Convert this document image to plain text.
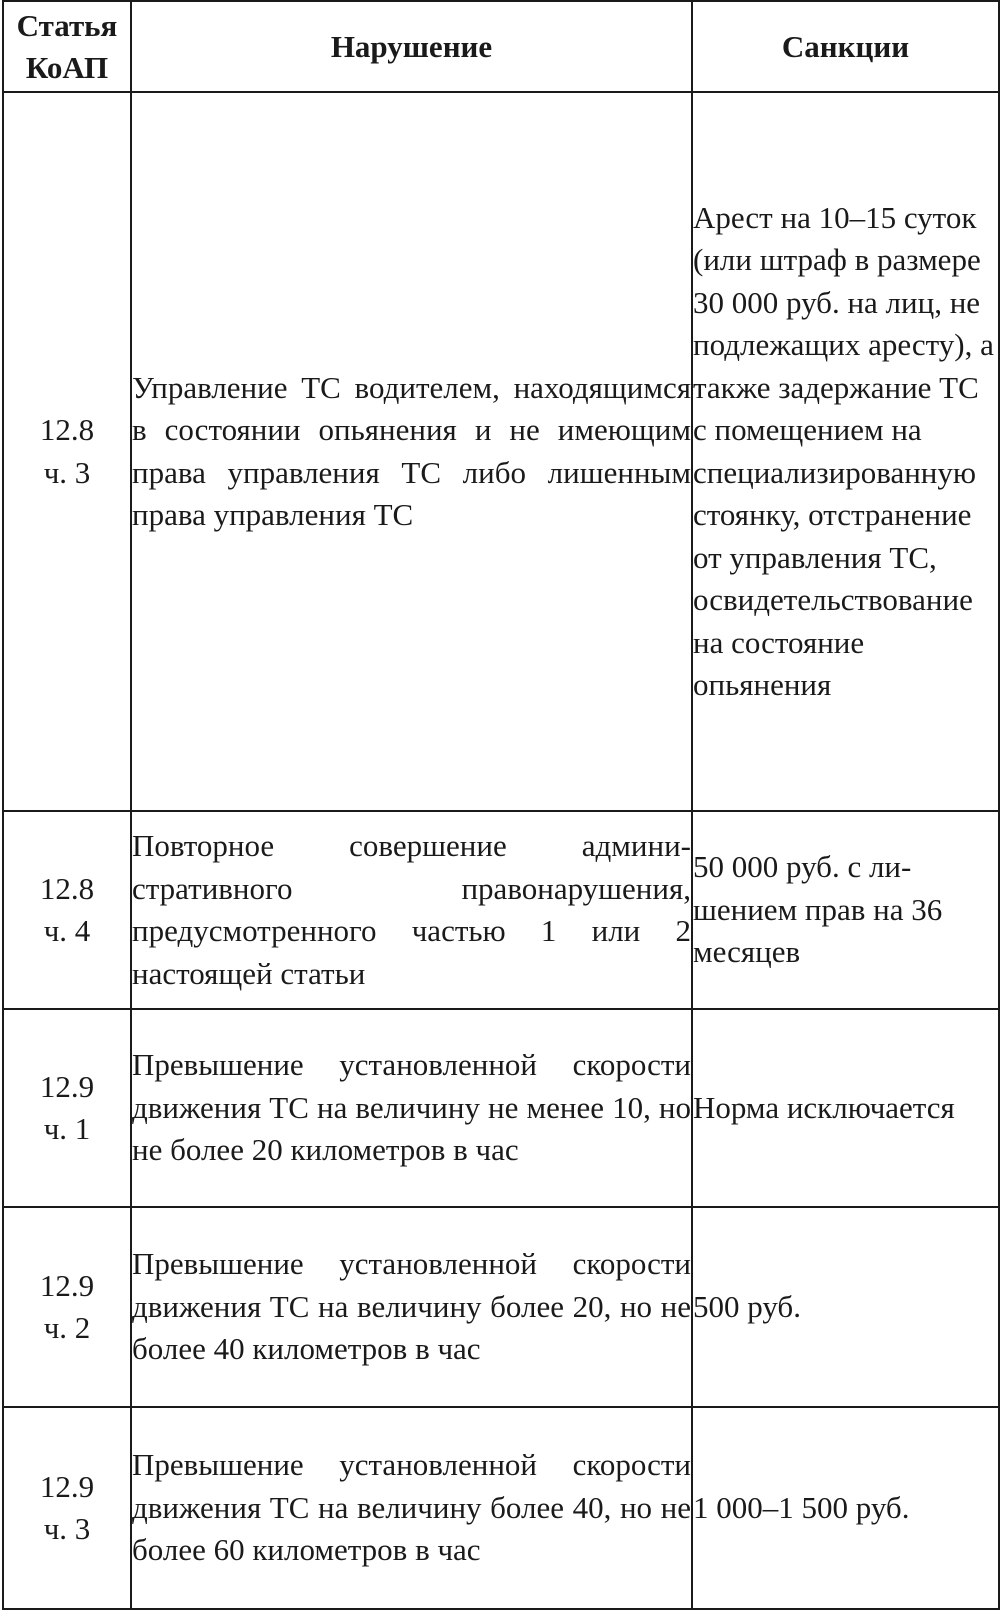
Статья КоАП	Нарушение	Санкции

12.8
ч. 3	Управление ТС водителем, находящимся в состоянии опьянения и не имеющим права управления ТС либо лишенным права управления ТС	Арест на 10–15 суток (или штраф в размере 30 000 руб. на лиц, не подлежащих аресту), а также задержание ТС с помещением на специализированную стоянку, отстранение от управления ТС, освидетельствование на состояние опьянения

12.8
ч. 4	Повторное совершение административного правонарушения, предусмотренного частью 1 или 2 настоящей статьи	50 000 руб. с лишением прав на 36 месяцев

12.9
ч. 1	Превышение установленной скорости движения ТС на величину не менее 10, но не более 20 километров в час	Норма исключается

12.9
ч. 2	Превышение установленной скорости движения ТС на величину более 20, но не более 40 километров в час	500 руб.

12.9
ч. 3	Превышение установленной скорости движения ТС на величину более 40, но не более 60 километров в час	1 000–1 500 руб.
